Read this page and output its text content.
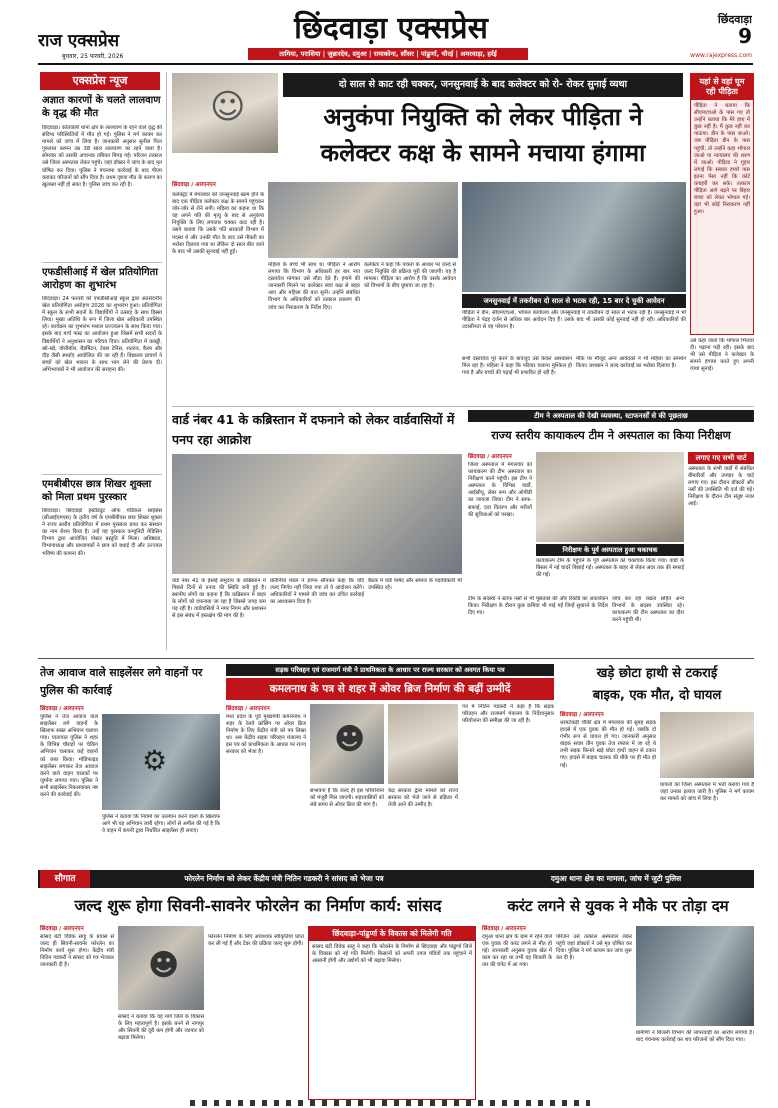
राज एक्सप्रेस
बुधवार, 25 फरवरी, 2026
छिंदवाड़ा एक्सप्रेस
तामिया, परासिया | जुन्नारदेव, दमुआ | रामाकोना, सौंसर | पांढुर्णा, चौरई | अमरवाड़ा, हर्रई
छिंदवाड़ा
9
www.rajexpress.com
एक्सप्रेस न्यूज
अज्ञात कारणों के चलते लालवाण के वृद्ध की मौत
छिंदवाड़ा। कोतवाली थाना क्षेत्र के लालवाण के रहने वाले वृद्ध की संदिग्ध परिस्थितियों में मौत हो गई। पुलिस ने मर्ग कायम कर मामले को जांच में लिया है। जानकारी अनुसार सुनील पिता गुरुलाल बरमन उम्र 38 साल लालवाण का रहने वाला है। सोमवार को उसकी अचानक तबियत बिगड़ गई। परिजन तत्काल उसे जिला अस्पताल लेकर पहुंचे। जहां डॉक्टर ने जांच के बाद मृत घोषित कर दिया। पुलिस ने पंचनामा कार्रवाई के बाद पीएम कराकर परिजनों को सौंप दिया है। प्रथम दृष्टया मौत के कारण का खुलासा नहीं हो सका है। पुलिस जांच कर रही है।
एफडीसीआई में खेल प्रतियोगिता आरोहण का शुभारंभ
छिंदवाड़ा। 24 फरवरी को एफडीसीआई स्कूल द्वारा अंतर्सदनीय खेल प्रतियोगिता आरोहण 2026 का शुभारंभ हुआ। प्रतियोगिता में स्कूल के सभी सदनों के विद्यार्थियों ने उत्साह के साथ हिस्सा लिया। मुख्य अतिथि के रूप में जिला खेल अधिकारी उपस्थित रहे। कार्यक्रम का शुभारंभ मशाल प्रज्ज्वलन के साथ किया गया। इसके बाद मार्च पास्ट का आयोजन हुआ जिसमें सभी सदनों के विद्यार्थियों ने अनुशासन का परिचय दिया। प्रतियोगिता में कबड्डी, खो-खो, वॉलीबॉल, बैडमिंटन, टेबल टेनिस, शतरंज, कैरम और दौड़ जैसी स्पर्धाएं आयोजित की जा रही हैं। विद्यालय प्राचार्य ने बच्चों को खेल भावना के साथ भाग लेने की प्रेरणा दी। अभिभावकों ने भी आयोजन की सराहना की।
एमबीबीएस छात्र शिखर शुक्ला को मिला प्रथम पुरस्कार
छिंदवाड़ा। छिंदवाड़ा इंस्टीट्यूट ऑफ मेडिकल साइंसेस (सीआईएमएस) के तृतीय वर्ष के एमबीबीएस छात्र शिखर शुक्ला ने राज्य स्तरीय प्रतियोगिता में प्रथम पुरस्कार प्राप्त कर संस्थान का नाम रोशन किया है। उन्हें यह पुरस्कार कम्युनिटी मेडिसिन विभाग द्वारा आयोजित पोस्टर प्रस्तुति में मिला। अधिष्ठाता, विभागाध्यक्ष और प्राध्यापकों ने छात्र को बधाई दी और उज्ज्वल भविष्य की कामना की।
दो साल से काट रही चक्कर, जनसुनवाई के बाद कलेक्टर को रो- रोकर सुनाई व्यथा
☺	अनुकंपा नियुक्ति को लेकर पीड़िता ने
कलेक्टर कक्ष के सामने मचाया हंगामा
छिंदवाड़ा / आरएनएन
कलेक्ट्रेट में मंगलवार को जनसुनवाई खत्म होने के बाद एक पीड़िता कलेक्टर कक्ष के सामने पहुंचकर जोर-जोर से रोने लगी। महिला का कहना था कि वह अपने पति की मृत्यु के बाद से अनुकंपा नियुक्ति के लिए लगातार चक्कर काट रही है। उसने बताया कि उसके पति सरकारी विभाग में पदस्थ थे और उनकी मौत के बाद उसे नौकरी का भरोसा दिलाया गया था लेकिन दो साल बीत जाने के बाद भी उसकी सुनवाई नहीं हुई।
महिला के बच्चे भी साथ थे। पीड़िता ने आरोप लगाया कि विभाग के अधिकारी हर बार नया दस्तावेज मांगकर उसे लौटा देते हैं। हंगामे की जानकारी मिलने पर कलेक्टर स्वयं कक्ष से बाहर आए और महिला की बात सुनी। उन्होंने संबंधित विभाग के अधिकारियों को तत्काल प्रकरण की जांच कर निराकरण के निर्देश दिए।
कलेक्टर ने कहा कि पात्रता के आधार पर जल्द से जल्द नियुक्ति की प्रक्रिया पूरी की जाएगी। यह है मामला। पीड़िता का आरोप है कि उसके आवेदन को विभागों के बीच घुमाया जा रहा है।
जनसुनवाई में तकरीबन दो साल से भटक रही, 15 बार दे चुकी आवेदन
पीड़िता ने डीन, सीएमएचओ, भोपाल कार्यालय और जनसुनवाई में तकरीबन दो साल से भटक रही है। जनसुनवाई में भी पीड़िता ने पंद्रह दर्जन से अधिक बार आवेदन दिए हैं। उसके बाद भी उसकी कोई सुनवाई नहीं हो रही। अधिकारियों की उदासीनता से वह परेशान है।
सभी दस्तावेज पूरे करने के बावजूद उसे केवल आश्वासन मिल रहा है। महिला ने कहा कि परिवार चलाना मुश्किल हो गया है और बच्चों की पढ़ाई भी प्रभावित हो रही है।
मौके पर मौजूद अन्य आवेदकों ने भी महिला का समर्थन किया। प्रशासन ने जल्द कार्रवाई का भरोसा दिलाया है।
यहां से वहां घूम रही पीड़िता
पीड़िता ने बताया कि सीएमएचओ के पास गए तो उन्होंने बताया कि मेरे हाथ में कुछ नहीं है। मैं कुछ नहीं कर पाऊंगा। डीन के पास जाओ। जब पीड़िता डीन के पास पहुंची, तो उन्होंने कहा भोपाल जाओ या न्यायालय की शरण में जाओ। पीड़िता ने गुहार लगाई कि सबका हमारे पास इतना पैसा नहीं कि कोर्ट कचहरी कर सके। तत्काल पीड़िता आगे बढ़ने पर बिहार बच्चा को लेकर भोपाल गई। वहां भी कोई निराकरण नहीं हुआ।
उसे कहा जाता कि भोपाल भिजवा दी। पढ़ाना पड़ी रही। इसके बाद भी उसे पीड़िता ने कलेक्टर के सामने हंगामा करते हुए अपनी व्यथा सुनाई।
वार्ड नंबर 41 के कब्रिस्तान में दफनाने को लेकर वार्डवासियों में पनप रहा आक्रोश
वार्ड नंबर 41 के ईसाई समुदाय के कब्रिस्तान में पिछले दिनों से तनाव की स्थिति बनी हुई है। स्थानीय लोगों का कहना है कि कब्रिस्तान में बाहर के लोगों को दफनाया जा रहा है जिससे जगह कम पड़ रही है। वार्डवासियों ने नगर निगम और प्रशासन से इस संबंध में हस्तक्षेप की मांग की है।
प्रतिनिधि मंडल ने ज्ञापन सौंपकर कहा कि यदि जल्द निर्णय नहीं लिया गया तो वे आंदोलन करेंगे। अधिकारियों ने मामले की जांच कर उचित कार्रवाई का आश्वासन दिया है।
बैठक में वार्ड पार्षद और समाज के पदाधिकारी भी उपस्थित रहे।
टीम ने अस्पताल की देखी व्यवस्था, स्टाफनर्सों से की पूछताछ
राज्य स्तरीय कायाकल्प टीम ने अस्पताल का किया निरीक्षण
छिंदवाड़ा / आरएनएन
जिला अस्पताल में मंगलवार को कायाकल्प की टीम अस्पताल का निरीक्षण करने पहुंची। इस टीम ने अस्पताल के विभिन्न वार्डों, आईसीयू, लेबर रूम और ओपीडी का जायजा लिया। टीम ने साफ-सफाई, दवा वितरण और मरीजों की सुविधाओं को परखा।
निरीक्षण के पूर्व अस्पताल हुआ चकाचक
कायाकल्प टीम के पहुंचने के पूर्व अस्पताल को चकाचक किया गया। वार्डों के बिस्तर में नई चादरें बिछाई गईं। अस्पताल के बाहर से लेकर अंदर तक की सफाई की गई।
टीम के सदस्यों ने स्टाफ नर्सों से भी पूछताछ की और रिकॉर्ड का अवलोकन किया। निरीक्षण के दौरान कुछ कमियां भी पाई गईं जिन्हें सुधारने के निर्देश दिए गए।
जांच कर रहा रखता सहित अन्य विभागों के सदस्य उपस्थित रहे। कायाकल्प की टीम अस्पताल का दौरा करने पहुंची थी।
लगाए गए सभी चार्ट
अस्पताल के सभी वार्डों में संबंधित बीमारियों और उपचार के चार्ट लगाए गए। इस दौरान डॉक्टरों और नर्सों की उपस्थिति भी दर्ज की गई। निरीक्षण के दौरान टीम संतुष्ट नजर आई।
तेज आवाज वाले साइलेंसर लगे वाहनों पर पुलिस की कार्रवाई
छिंदवाड़ा / आरएनएन
पुलिस ने तेज आवाज वाले साइलेंसर लगे वाहनों के खिलाफ सख्त अभियान चलाया गया। यातायात पुलिस ने शहर के विभिन्न चौराहों पर चेकिंग अभियान चलाकर कई वाहनों को जब्त किया। मॉडिफाइड साइलेंसर लगाकर तेज आवाज करने वाले वाहन चालकों पर जुर्माना लगाया गया। पुलिस ने सभी साइलेंसर निकलवाकर नष्ट करने की कार्रवाई की।
⚙
पुलिस ने बताया कि नियमों का उल्लंघन करने वालों के खिलाफ आगे भी यह अभियान जारी रहेगा। लोगों से अपील की गई है कि वे वाहन में कंपनी द्वारा निर्धारित साइलेंसर ही लगाएं।
सड़क परिवहन एवं राजमार्ग मंत्री ने प्राथमिकता के आधार पर राज्य सरकार को अवगत किया पत्र
कमलनाथ के पत्र से शहर में ओवर ब्रिज निर्माण की बढ़ीं उम्मीदें
छिंदवाड़ा / आरएनएन
मध्य प्रदेश के पूर्व मुख्यमंत्री कमलनाथ ने शहर के रेलवे क्रॉसिंग पर ओवर ब्रिज निर्माण के लिए केंद्रीय मंत्री को पत्र लिखा था। अब केंद्रीय सड़क परिवहन मंत्रालय ने इस पत्र को प्राथमिकता के आधार पर राज्य सरकार को भेजा है।	☻
संभावना है कि जल्द ही इस परियोजना को मंजूरी मिल जाएगी। शहरवासियों को लंबे समय से ओवर ब्रिज की मांग है।
केंद्र सरकार द्वारा मामले को राज्य सरकार को भेजे जाने से प्रक्रिया में तेजी आने की उम्मीद है।
पत्र में नितिन गडकरी ने कहा है कि सड़क परिवहन और राजमार्ग मंत्रालय के निर्देशानुसार परियोजना की समीक्षा की जा रही है।
खड़े छोटा हाथी से टकराई
बाइक, एक मौत, दो घायल
छिंदवाड़ा / आरएनएन
धरमटेकड़ी चौकी क्षेत्र में मंगलवार की सुबह सड़क हादसे में एक युवक की मौत हो गई। जबकि दो गंभीर रूप से घायल हो गए। जानकारी अनुसार बाइक सवार तीन युवक तेज रफ्तार में जा रहे थे तभी सड़क किनारे खड़े छोटा हाथी वाहन से टकरा गए। हादसे में बाइक चालक की मौके पर ही मौत हो गई।
घायलों को जिला अस्पताल में भर्ती कराया गया है जहां उनका इलाज जारी है। पुलिस ने मर्ग कायम कर मामले को जांच में लिया है।
सौगात	फोरलेन निर्माण को लेकर केंद्रीय मंत्री नितिन गडकरी ने सांसद को भेजा पत्र	दमुआ थाना क्षेत्र का मामला, जांच में जुटी पुलिस
जल्द शुरू होगा सिवनी-सावनेर फोरलेन का निर्माण कार्य: सांसद
छिंदवाड़ा / आरएनएन
सांसद बंटी विवेक साहू के प्रयास से जल्द ही सिवनी-सावनेर फोरलेन का निर्माण कार्य शुरू होगा। केंद्रीय मंत्री नितिन गडकरी ने सांसद को पत्र भेजकर जानकारी दी है।	☻
सांसद ने बताया कि यह मार्ग जिले के विकास के लिए महत्वपूर्ण है। इसके बनने से नागपुर और सिवनी की दूरी कम होगी और व्यापार को बढ़ावा मिलेगा।
फोरलेन निर्माण के लिए आवश्यक स्वीकृतियां प्राप्त कर ली गई हैं और टेंडर की प्रक्रिया जल्द शुरू होगी।
छिंदवाड़ा-पांढुर्णा के विकास को मिलेगी गति
सांसद बंटी विवेक साहू ने कहा कि फोरलेन के निर्माण से छिंदवाड़ा और पांढुर्णा जिले के विकास को नई गति मिलेगी। किसानों को अपनी उपज मंडियों तक पहुंचाने में आसानी होगी और उद्योगों को भी बढ़ावा मिलेगा।
करंट लगने से युवक ने मौके पर तोड़ा दम
छिंदवाड़ा / आरएनएन
दमुआ थाना क्षेत्र के ग्राम में रहने वाले एक युवक की करंट लगने से मौत हो गई। जानकारी अनुसार युवक खेत में काम कर रहा था तभी वह बिजली के तार की चपेट में आ गया।
परिजन उसे तत्काल अस्पताल लेकर पहुंचे जहां डॉक्टरों ने उसे मृत घोषित कर दिया। पुलिस ने मर्ग कायम कर जांच शुरू कर दी है।
ग्रामीणों ने बिजली विभाग की लापरवाही का आरोप लगाया है। बाद पंचनामा कार्रवाई कर शव परिजनों को सौंप दिया गया।
